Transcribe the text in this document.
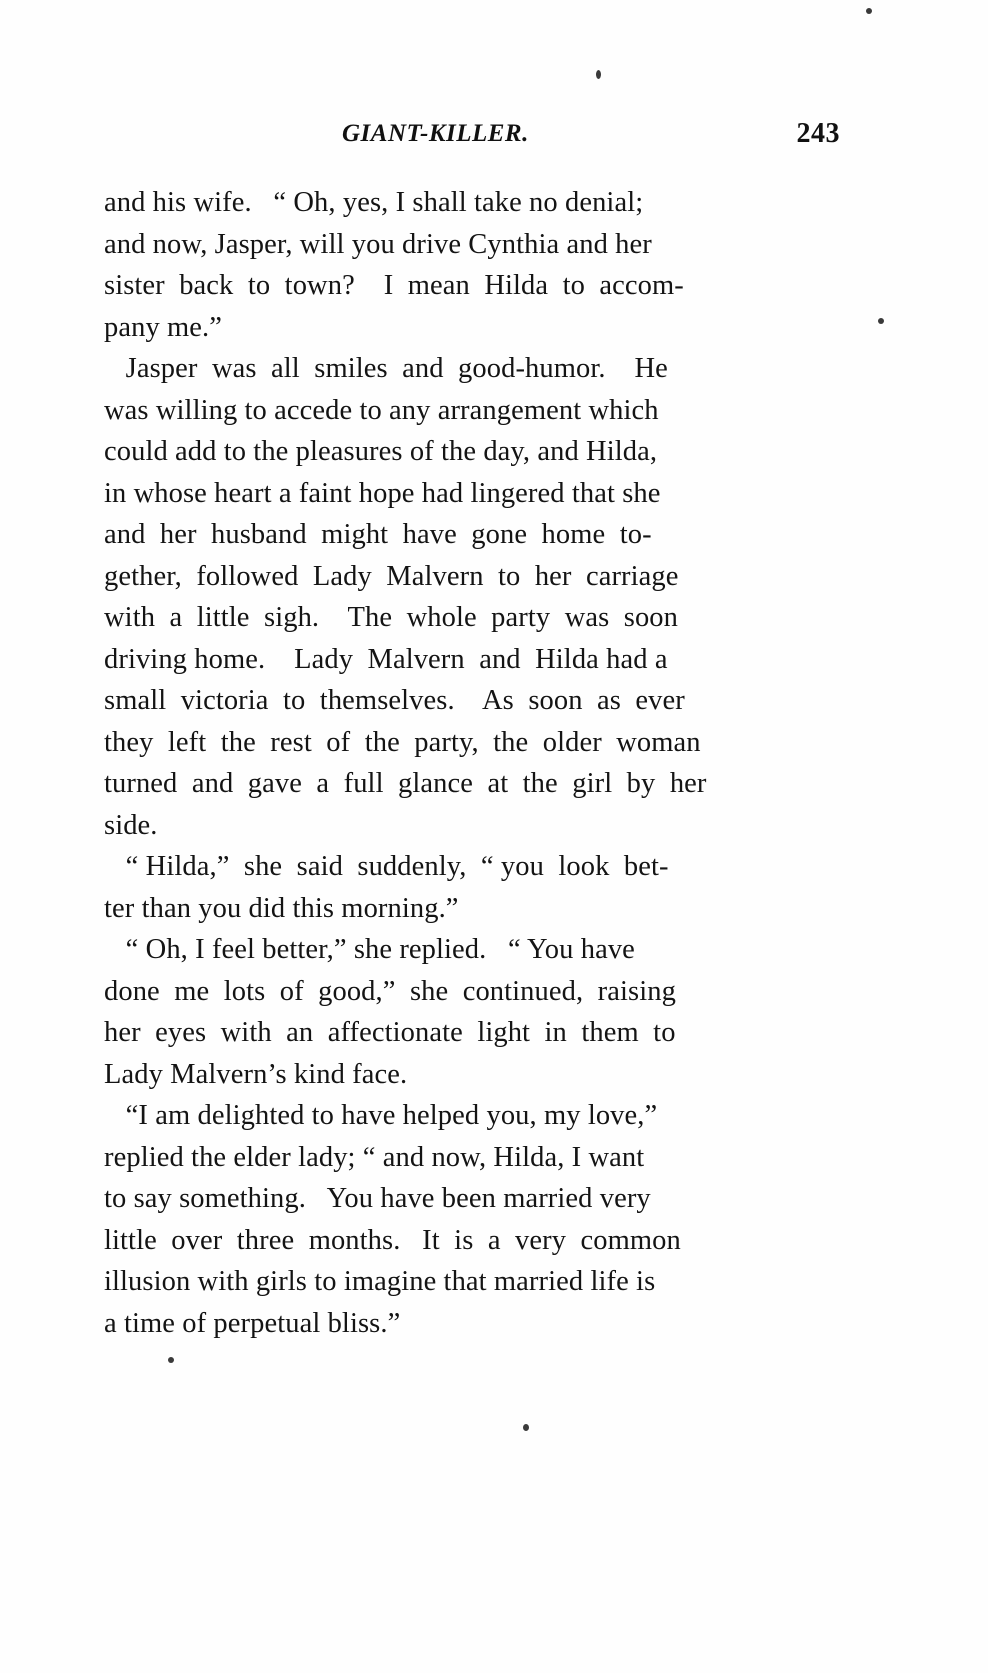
GIANT-KILLER.	243
and his wife.   “ Oh, yes, I shall take no denial;
and now, Jasper, will you drive Cynthia and her
sister  back  to  town?    I  mean  Hilda  to  accom-
pany me.”
Jasper  was  all  smiles  and  good-humor.    He
was willing to accede to any arrangement which
could add to the pleasures of the day, and Hilda,
in whose heart a faint hope had lingered that she
and  her  husband  might  have  gone  home  to-
gether,  followed  Lady  Malvern  to  her  carriage
with  a  little  sigh.    The  whole  party  was  soon
driving home.    Lady  Malvern  and  Hilda had a
small  victoria  to  themselves.    As  soon  as  ever
they  left  the  rest  of  the  party,  the  older  woman
turned  and  gave  a  full  glance  at  the  girl  by  her
side.
“ Hilda,”  she  said  suddenly,  “ you  look  bet-
ter than you did this morning.”
“ Oh, I feel better,” she replied.   “ You have
done  me  lots  of  good,”  she  continued,  raising
her  eyes  with  an  affectionate  light  in  them  to
Lady Malvern’s kind face.
“I am delighted to have helped you, my love,”
replied the elder lady; “ and now, Hilda, I want
to say something.   You have been married very
little  over  three  months.   It  is  a  very  common
illusion with girls to imagine that married life is
a time of perpetual bliss.”
